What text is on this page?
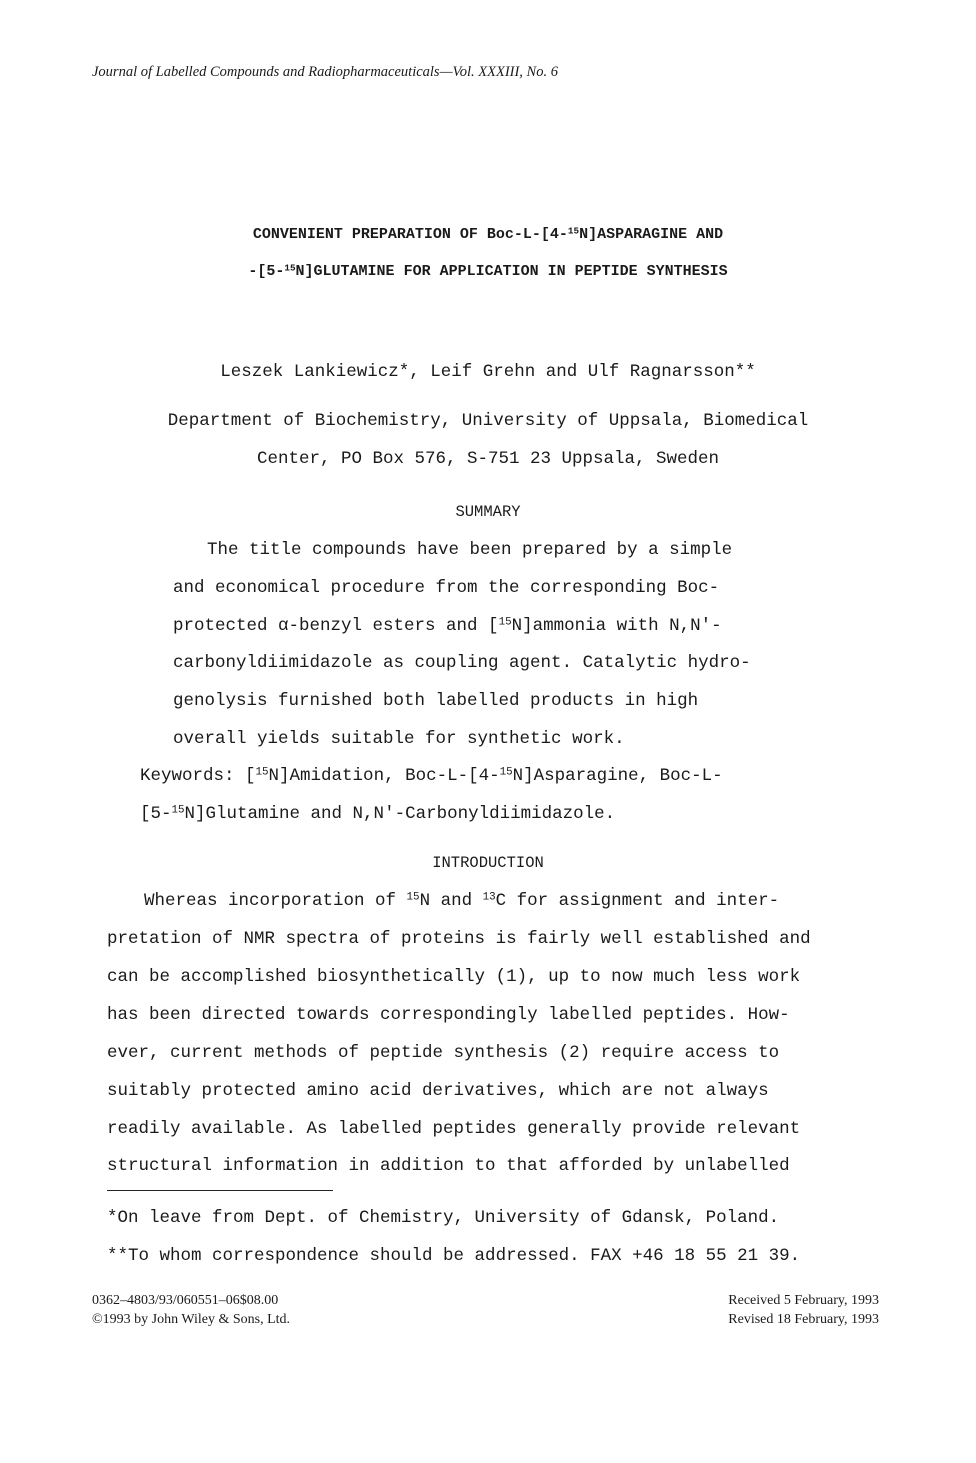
Journal of Labelled Compounds and Radiopharmaceuticals—Vol. XXXIII, No. 6
CONVENIENT PREPARATION OF Boc-L-[4-$^{15}$N]ASPARAGINE AND
-[5-$^{15}$N]GLUTAMINE FOR APPLICATION IN PEPTIDE SYNTHESIS
Leszek Lankiewicz*, Leif Grehn and Ulf Ragnarsson**
Department of Biochemistry, University of Uppsala, Biomedical
Center, PO Box 576, S-751 23 Uppsala, Sweden
SUMMARY
The title compounds have been prepared by a simple
and economical procedure from the corresponding Boc-
protected α-benzyl esters and [$^{15}$N]ammonia with N,N'-
carbonyldiimidazole as coupling agent. Catalytic hydro-
genolysis furnished both labelled products in high
overall yields suitable for synthetic work.
Keywords: [$^{15}$N]Amidation, Boc-L-[4-$^{15}$N]Asparagine, Boc-L-
[5-$^{15}$N]Glutamine and N,N'-Carbonyldiimidazole.
INTRODUCTION
Whereas incorporation of $^{15}$N and $^{13}$C for assignment and inter-
pretation of NMR spectra of proteins is fairly well established and
can be accomplished biosynthetically (1), up to now much less work
has been directed towards correspondingly labelled peptides. How-
ever, current methods of peptide synthesis (2) require access to
suitably protected amino acid derivatives, which are not always
readily available. As labelled peptides generally provide relevant
structural information in addition to that afforded by unlabelled
*On leave from Dept. of Chemistry, University of Gdansk, Poland.
**To whom correspondence should be addressed. FAX +46 18 55 21 39.
0362–4803/93/060551–06$08.00
©1993 by John Wiley & Sons, Ltd.
Received 5 February, 1993
Revised 18 February, 1993
